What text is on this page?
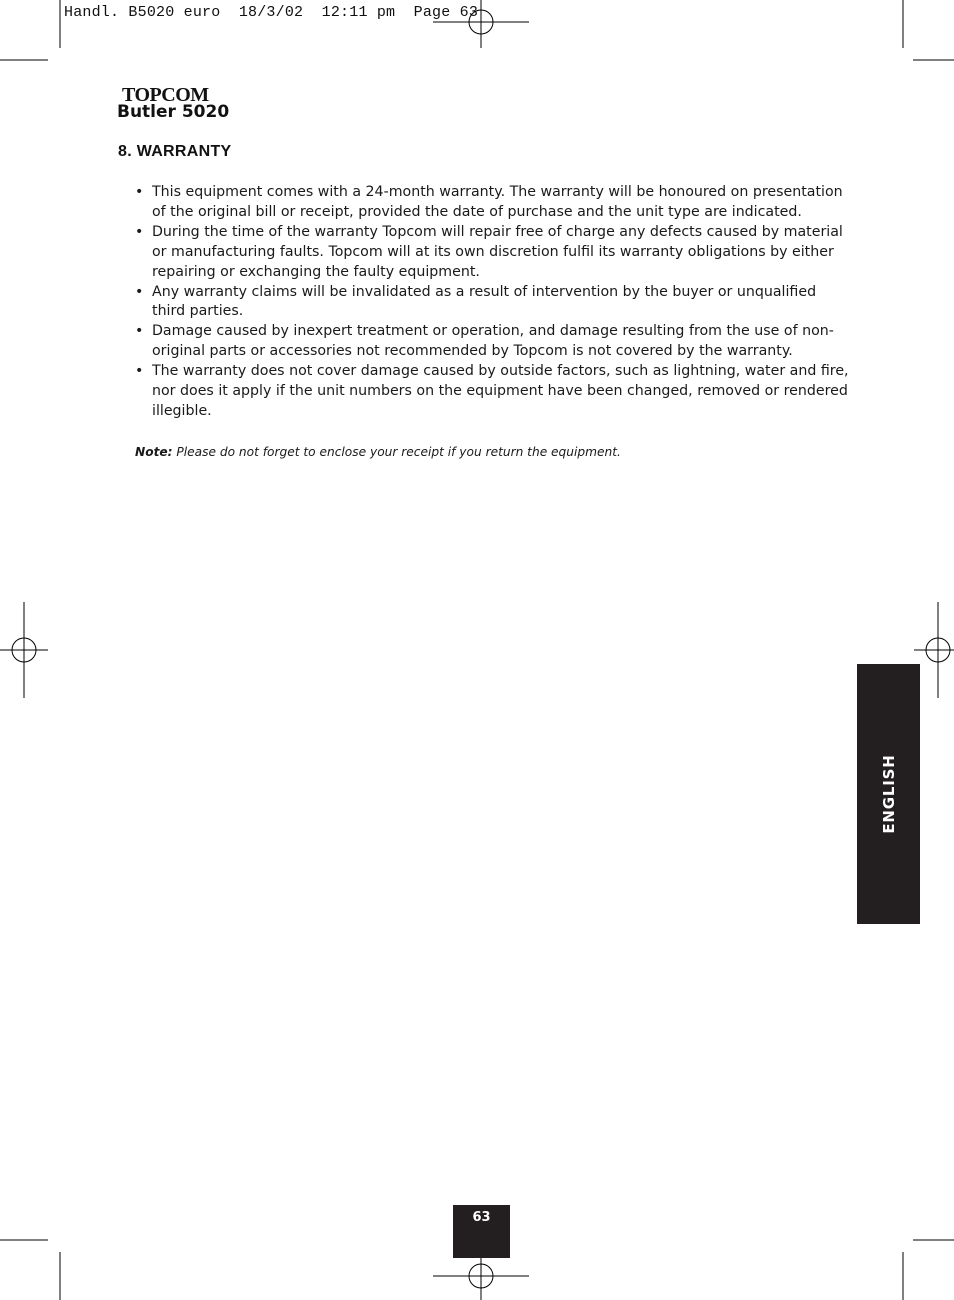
Handl. B5020 euro  18/3/02  12:11 pm  Page 63
TOPCOM
Butler 5020
8. WARRANTY
• This equipment comes with a 24-month warranty. The warranty will be honoured on presentation of the original bill or receipt, provided the date of purchase and the unit type are indicated.
• During the time of the warranty Topcom will repair free of charge any defects caused by material or manufacturing faults. Topcom will at its own discretion fulfil its warranty obligations by either repairing or exchanging the faulty equipment.
• Any warranty claims will be invalidated as a result of intervention by the buyer or unqualified third parties.
• Damage caused by inexpert treatment or operation, and damage resulting from the use of non-original parts or accessories not recommended by Topcom is not covered by the warranty.
• The warranty does not cover damage caused by outside factors, such as lightning, water and fire, nor does it apply if the unit numbers on the equipment have been changed, removed or rendered illegible.
Note: Please do not forget to enclose your receipt if you return the equipment.
ENGLISH
63
